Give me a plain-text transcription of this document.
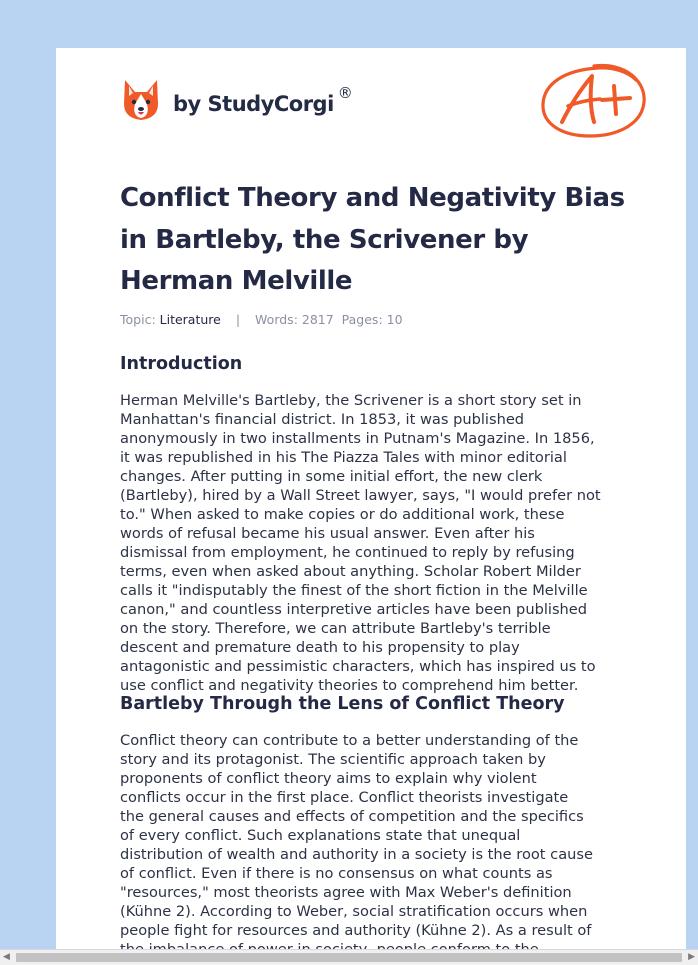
by StudyCorgi ®
Conflict Theory and Negativity Bias
in Bartleby, the Scrivener by
Herman Melville
Topic: Literature | Words: 2817 Pages: 10
Introduction

Herman Melville's Bartleby, the Scrivener is a short story set in
Manhattan's financial district. In 1853, it was published
anonymously in two installments in Putnam's Magazine. In 1856,
it was republished in his The Piazza Tales with minor editorial
changes. After putting in some initial effort, the new clerk
(Bartleby), hired by a Wall Street lawyer, says, "I would prefer not
to." When asked to make copies or do additional work, these
words of refusal became his usual answer. Even after his
dismissal from employment, he continued to reply by refusing
terms, even when asked about anything. Scholar Robert Milder
calls it "indisputably the finest of the short fiction in the Melville
canon," and countless interpretive articles have been published
on the story. Therefore, we can attribute Bartleby's terrible
descent and premature death to his propensity to play
antagonistic and pessimistic characters, which has inspired us to
use conflict and negativity theories to comprehend him better.

Bartleby Through the Lens of Conflict Theory

Conflict theory can contribute to a better understanding of the
story and its protagonist. The scientific approach taken by
proponents of conflict theory aims to explain why violent
conflicts occur in the first place. Conflict theorists investigate
the general causes and effects of competition and the specifics
of every conflict. Such explanations state that unequal
distribution of wealth and authority in a society is the root cause
of conflict. Even if there is no consensus on what counts as
"resources," most theorists agree with Max Weber's definition
(Kühne 2). According to Weber, social stratification occurs when
people fight for resources and authority (Kühne 2). As a result of

◀	▶
